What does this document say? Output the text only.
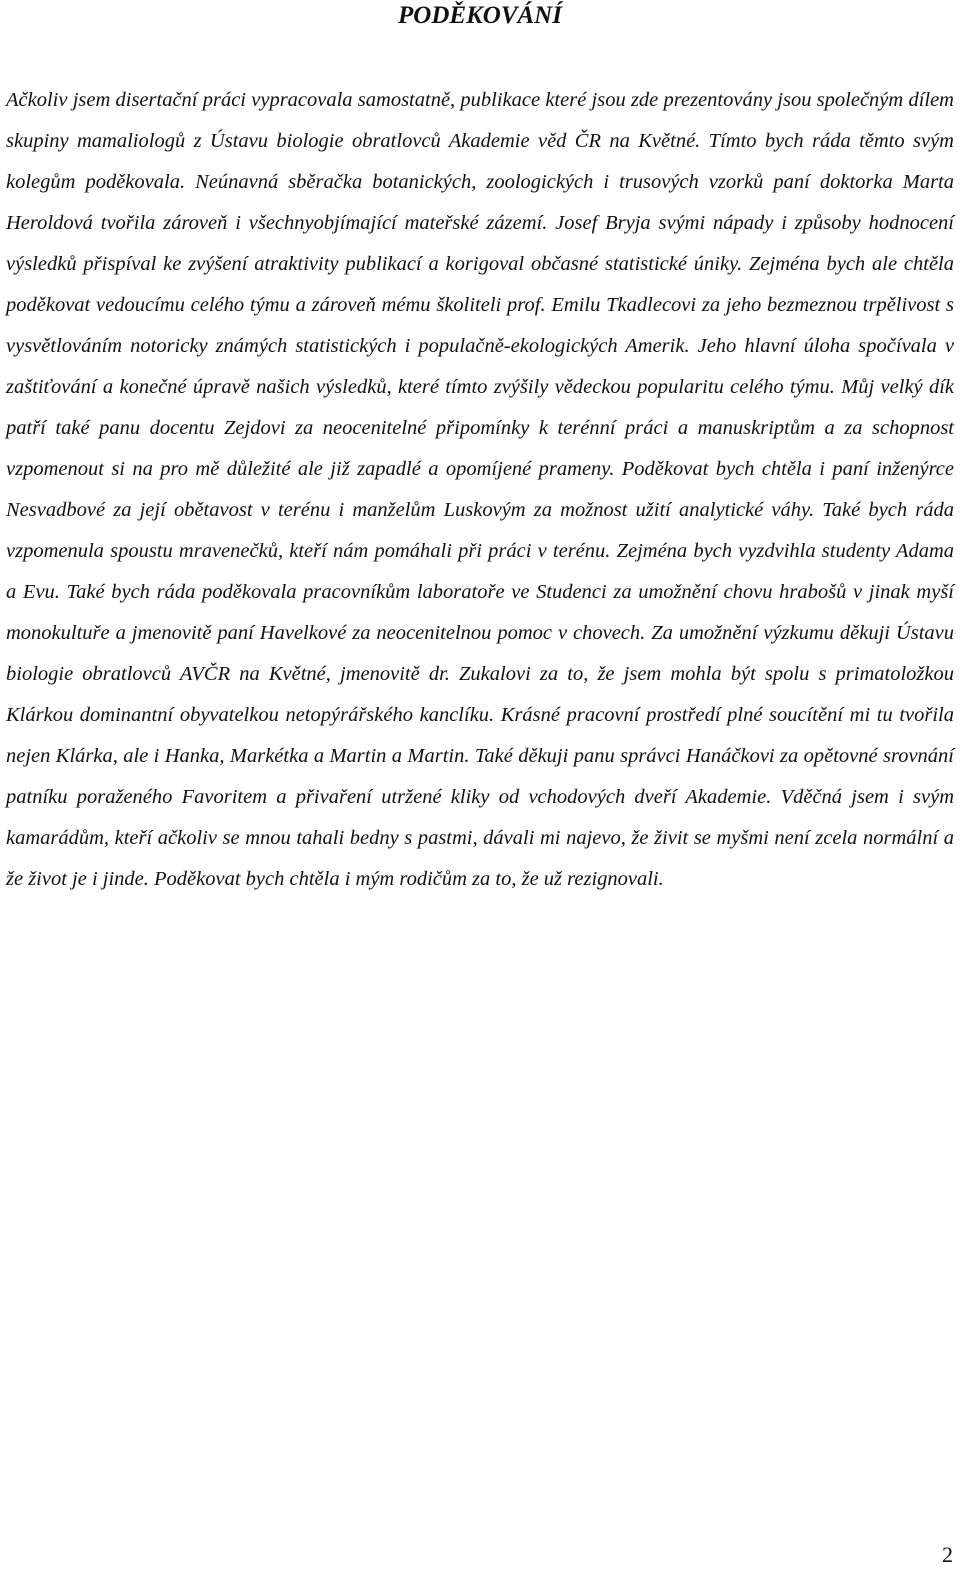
PODĚKOVÁNÍ

Ačkoliv jsem disertační práci vypracovala samostatně, publikace které jsou zde prezentovány jsou společným dílem skupiny mamaliologů z Ústavu biologie obratlovců Akademie věd ČR na Květné. Tímto bych ráda těmto svým kolegům poděkovala. Neúnavná sběračka botanických, zoologických i trusových vzorků paní doktorka Marta Heroldová tvořila zároveň i všechnyobjímající mateřské zázemí. Josef Bryja svými nápady i způsoby hodnocení výsledků přispíval ke zvýšení atraktivity publikací a korigoval občasné statistické úniky. Zejména bych ale chtěla poděkovat vedoucímu celého týmu a zároveň mému školiteli prof. Emilu Tkadlecovi za jeho bezmeznou trpělivost s vysvětlováním notoricky známých statistických i populačně-ekologických Amerik. Jeho hlavní úloha spočívala v zaštiťování a konečné úpravě našich výsledků, které tímto zvýšily vědeckou popularitu celého týmu. Můj velký dík patří také panu docentu Zejdovi za neocenitelné připomínky k terénní práci a manuskriptům a za schopnost vzpomenout si na pro mě důležité ale již zapadlé a opomíjené prameny. Poděkovat bych chtěla i paní inženýrce Nesvadbové za její obětavost v terénu i manželům Luskovým za možnost užití analytické váhy. Také bych ráda vzpomenula spoustu mravenečků, kteří nám pomáhali při práci v terénu. Zejména bych vyzdvihla studenty Adama a Evu. Také bych ráda poděkovala pracovníkům laboratoře ve Studenci za umožnění chovu hrabošů v jinak myší monokultuře a jmenovitě paní Havelkové za neocenitelnou pomoc v chovech. Za umožnění výzkumu děkuji Ústavu biologie obratlovců AVČR na Květné, jmenovitě dr. Zukalovi za to, že jsem mohla být spolu s primatoložkou Klárkou dominantní obyvatelkou netopýrářského kanclíku. Krásné pracovní prostředí plné soucítění mi tu tvořila nejen Klárka, ale i Hanka, Markétka a Martin a Martin. Také děkuji panu správci Hanáčkovi za opětovné srovnání patníku poraženého Favoritem a přivaření utržené kliky od vchodových dveří Akademie. Vděčná jsem i svým kamarádům, kteří ačkoliv se mnou tahali bedny s pastmi, dávali mi najevo, že živit se myšmi není zcela normální a že život je i jinde. Poděkovat bych chtěla i mým rodičům za to, že už rezignovali.

2
